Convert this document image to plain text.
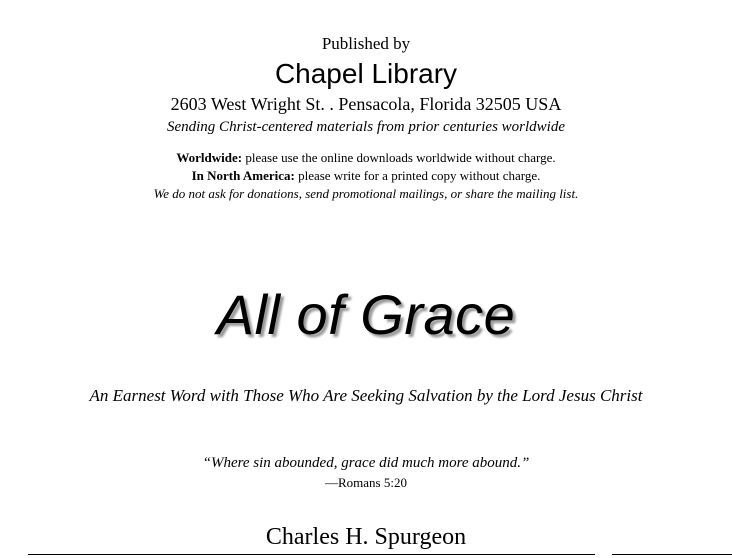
Published by
Chapel Library
2603 West Wright St. . Pensacola, Florida 32505 USA
Sending Christ-centered materials from prior centuries worldwide
Worldwide: please use the online downloads worldwide without charge.
In North America: please write for a printed copy without charge.
We do not ask for donations, send promotional mailings, or share the mailing list.
All of Grace
An Earnest Word with Those Who Are Seeking Salvation by the Lord Jesus Christ
“Where sin abounded, grace did much more abound.”
—Romans 5:20
Charles H. Spurgeon
